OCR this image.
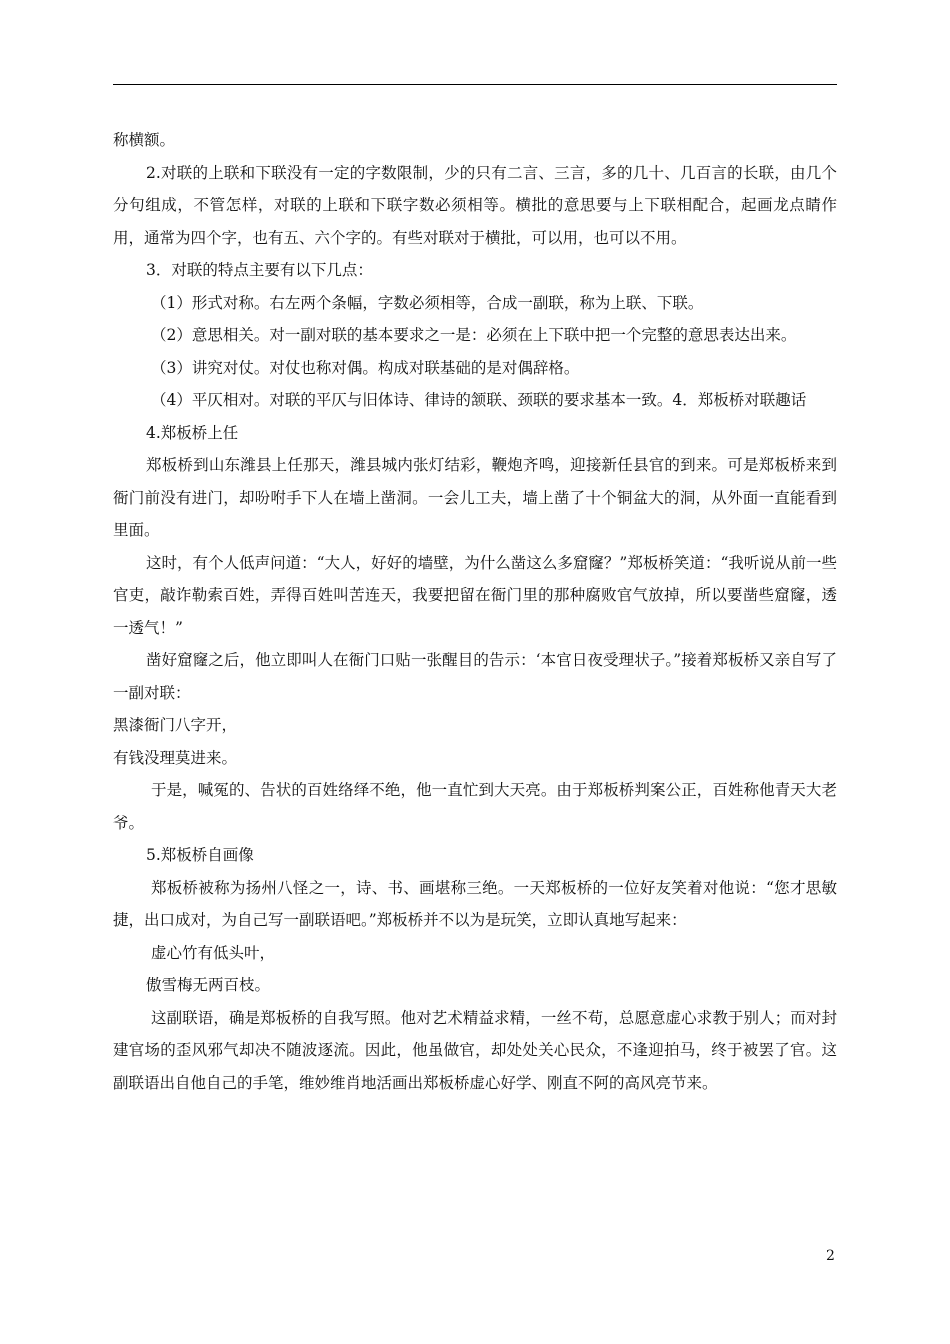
称横额。

2.对联的上联和下联没有一定的字数限制，少的只有二言、三言，多的几十、几百言的长联，由几个分句组成，不管怎样，对联的上联和下联字数必须相等。横批的意思要与上下联相配合，起画龙点睛作用，通常为四个字，也有五、六个字的。有些对联对于横批，可以用，也可以不用。

3．对联的特点主要有以下几点：

（1）形式对称。右左两个条幅，字数必须相等，合成一副联，称为上联、下联。

（2）意思相关。对一副对联的基本要求之一是：必须在上下联中把一个完整的意思表达出来。

（3）讲究对仗。对仗也称对偶。构成对联基础的是对偶辞格。

（4）平仄相对。对联的平仄与旧体诗、律诗的颔联、颈联的要求基本一致。4．郑板桥对联趣话

4.郑板桥上任

郑板桥到山东潍县上任那天，潍县城内张灯结彩，鞭炮齐鸣，迎接新任县官的到来。可是郑板桥来到衙门前没有进门，却吩咐手下人在墙上凿洞。一会儿工夫，墙上凿了十个铜盆大的洞，从外面一直能看到里面。

这时，有个人低声问道：“大人，好好的墙壁，为什么凿这么多窟窿？”郑板桥笑道：“我听说从前一些官吏，敲诈勒索百姓，弄得百姓叫苦连天，我要把留在衙门里的那种腐败官气放掉，所以要凿些窟窿，透一透气！”

凿好窟窿之后，他立即叫人在衙门口贴一张醒目的告示：‘本官日夜受理状子。”接着郑板桥又亲自写了一副对联：

黑漆衙门八字开，

有钱没理莫进来。

于是，喊冤的、告状的百姓络绎不绝，他一直忙到大天亮。由于郑板桥判案公正，百姓称他青天大老爷。

5.郑板桥自画像

郑板桥被称为扬州八怪之一，诗、书、画堪称三绝。一天郑板桥的一位好友笑着对他说：“您才思敏捷，出口成对，为自己写一副联语吧。”郑板桥并不以为是玩笑，立即认真地写起来：

虚心竹有低头叶，

傲雪梅无两百枝。

这副联语，确是郑板桥的自我写照。他对艺术精益求精，一丝不苟，总愿意虚心求教于别人；而对封建官场的歪风邪气却决不随波逐流。因此，他虽做官，却处处关心民众，不逢迎拍马，终于被罢了官。这副联语出自他自己的手笔，维妙维肖地活画出郑板桥虚心好学、刚直不阿的高风亮节来。

2
